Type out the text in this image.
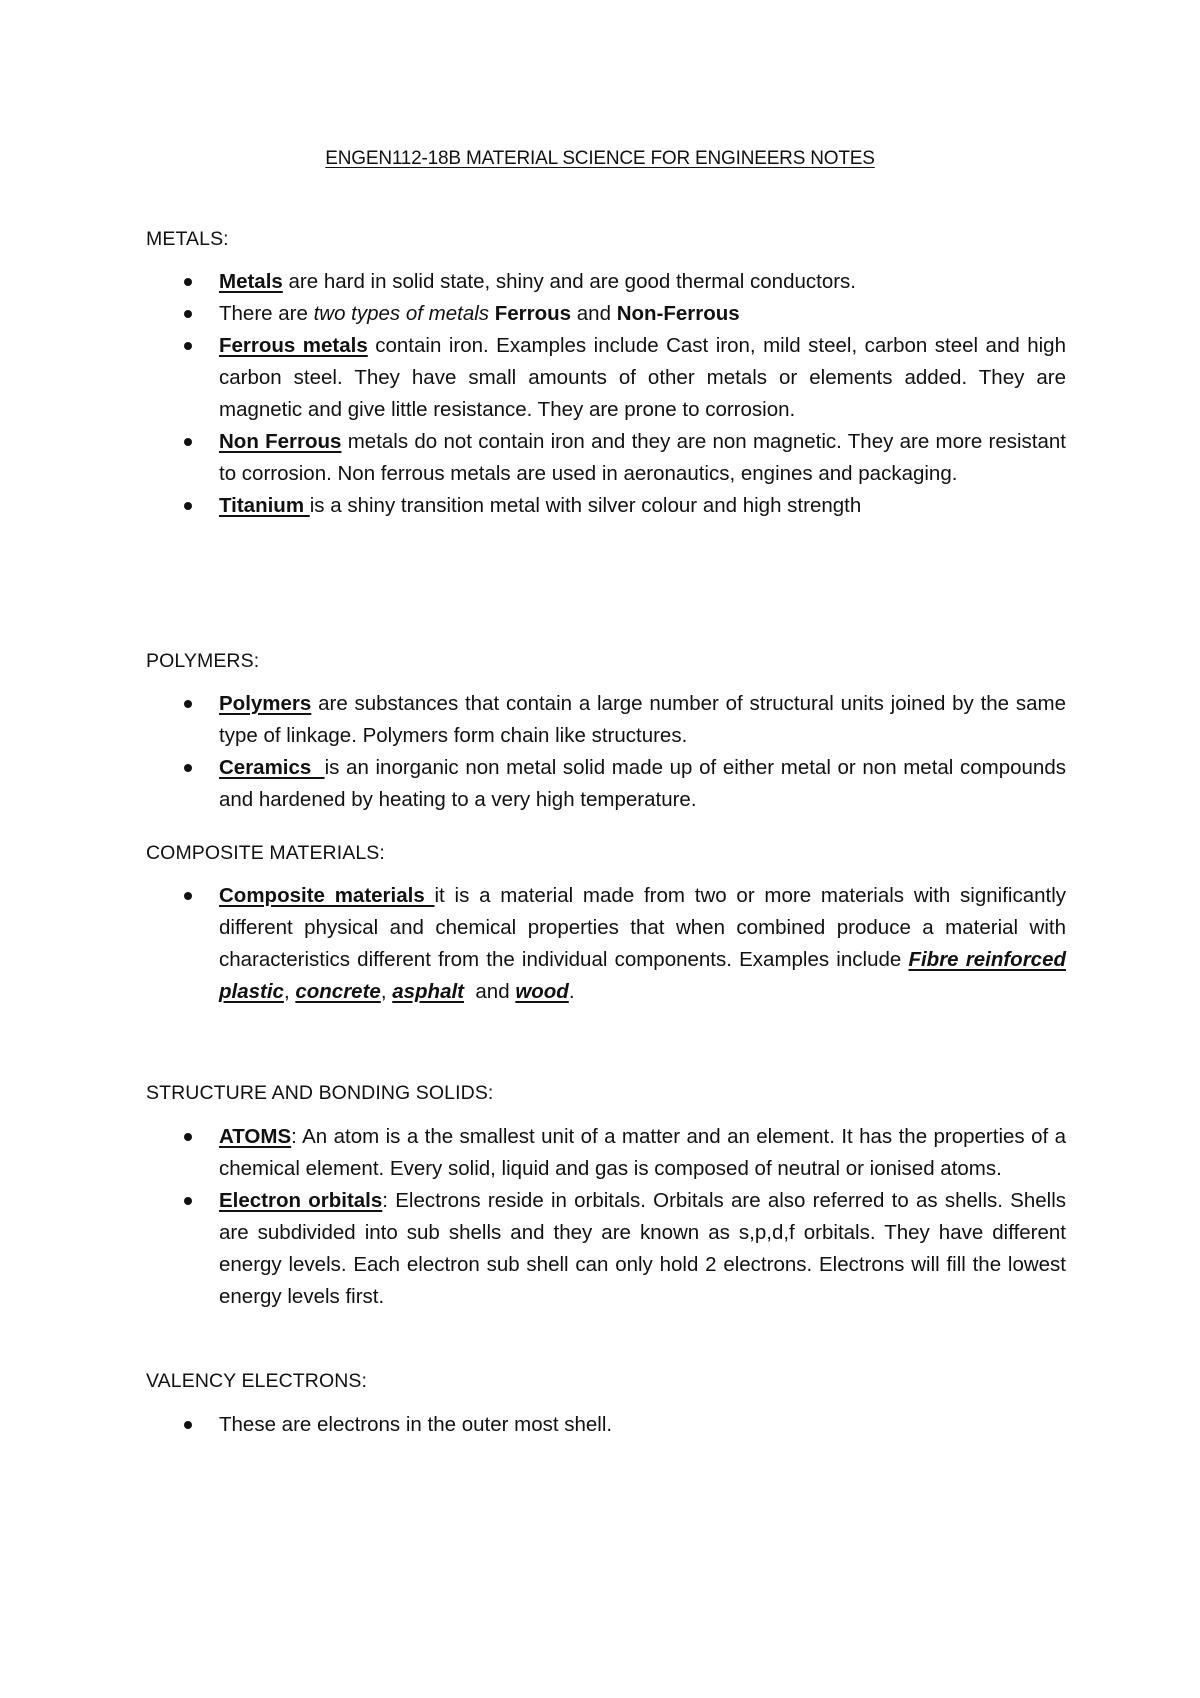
ENGEN112-18B MATERIAL SCIENCE FOR ENGINEERS NOTES
METALS:
Metals are hard in solid state, shiny and are good thermal conductors.
There are two types of metals Ferrous and Non-Ferrous
Ferrous metals contain iron. Examples include Cast iron, mild steel, carbon steel and high carbon steel. They have small amounts of other metals or elements added. They are magnetic and give little resistance. They are prone to corrosion.
Non Ferrous metals do not contain iron and they are non magnetic. They are more resistant to corrosion. Non ferrous metals are used in aeronautics, engines and packaging.
Titanium is a shiny transition metal with silver colour and high strength
POLYMERS:
Polymers are substances that contain a large number of structural units joined by the same type of linkage. Polymers form chain like structures.
Ceramics  is an inorganic non metal solid made up of either metal or non metal compounds and hardened by heating to a very high temperature.
COMPOSITE MATERIALS:
Composite materials it is a material made from two or more materials with significantly different physical and chemical properties that when combined produce a material with characteristics different from the individual components. Examples include Fibre reinforced plastic, concrete, asphalt  and wood.
STRUCTURE AND BONDING SOLIDS:
ATOMS: An atom is a the smallest unit of a matter and an element. It has the properties of a chemical element. Every solid, liquid and gas is composed of neutral or ionised atoms.
Electron orbitals: Electrons reside in orbitals. Orbitals are also referred to as shells. Shells are subdivided into sub shells and they are known as s,p,d,f orbitals. They have different energy levels. Each electron sub shell can only hold 2 electrons. Electrons will fill the lowest energy levels first.
VALENCY ELECTRONS:
These are electrons in the outer most shell.
